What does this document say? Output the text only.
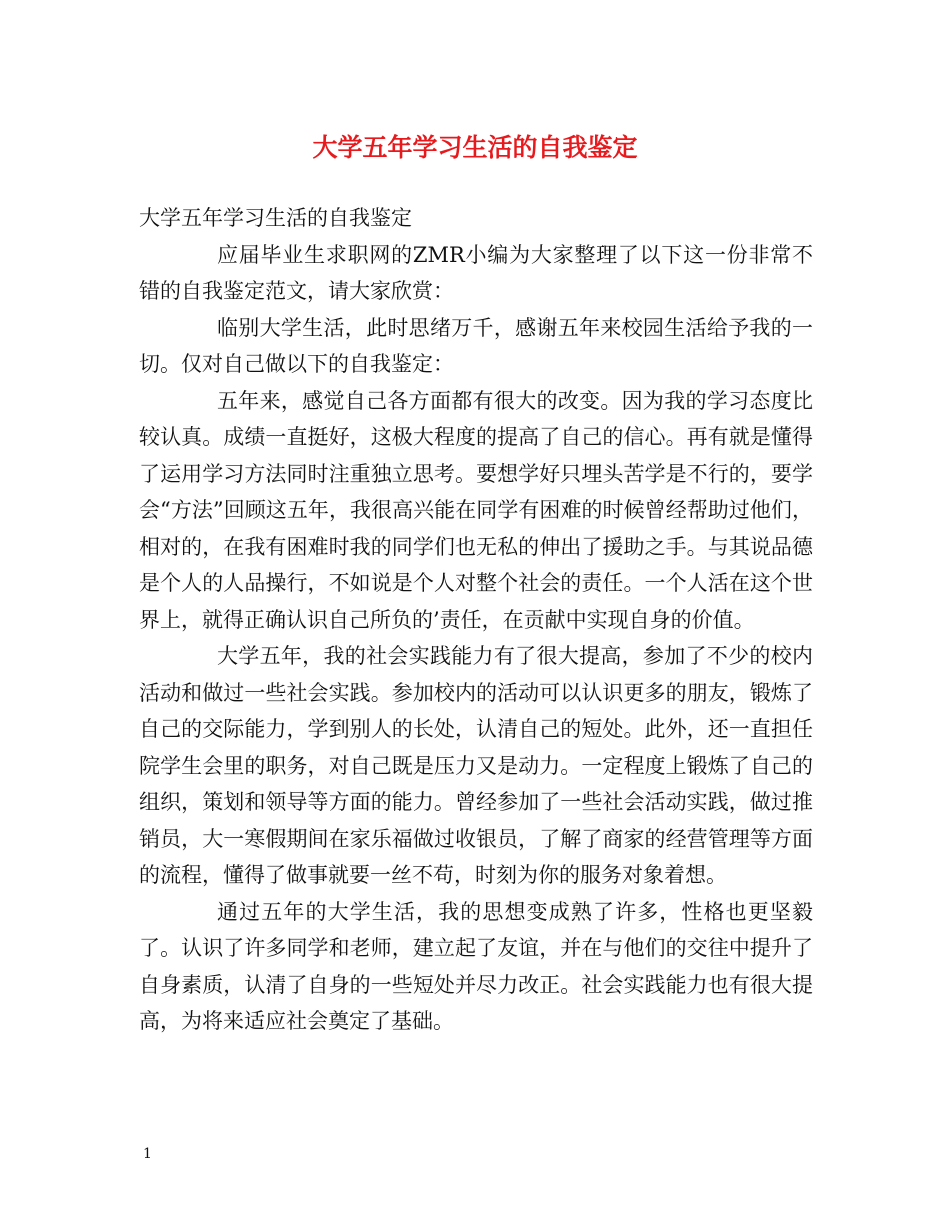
大学五年学习生活的自我鉴定

大学五年学习生活的自我鉴定

应届毕业生求职网的ZMR小编为大家整理了以下这一份非常不错的自我鉴定范文，请大家欣赏：

临别大学生活，此时思绪万千，感谢五年来校园生活给予我的一切。仅对自己做以下的自我鉴定：

五年来，感觉自己各方面都有很大的改变。因为我的学习态度比较认真。成绩一直挺好，这极大程度的提高了自己的信心。再有就是懂得了运用学习方法同时注重独立思考。要想学好只埋头苦学是不行的，要学会“方法”回顾这五年，我很高兴能在同学有困难的时候曾经帮助过他们，相对的，在我有困难时我的同学们也无私的伸出了援助之手。与其说品德是个人的人品操行，不如说是个人对整个社会的责任。一个人活在这个世界上，就得正确认识自己所负的’责任，在贡献中实现自身的价值。

大学五年，我的社会实践能力有了很大提高，参加了不少的校内活动和做过一些社会实践。参加校内的活动可以认识更多的朋友，锻炼了自己的交际能力，学到别人的长处，认清自己的短处。此外，还一直担任院学生会里的职务，对自己既是压力又是动力。一定程度上锻炼了自己的组织，策划和领导等方面的能力。曾经参加了一些社会活动实践，做过推销员，大一寒假期间在家乐福做过收银员，了解了商家的经营管理等方面的流程，懂得了做事就要一丝不苟，时刻为你的服务对象着想。

通过五年的大学生活，我的思想变成熟了许多，性格也更坚毅了。认识了许多同学和老师，建立起了友谊，并在与他们的交往中提升了自身素质，认清了自身的一些短处并尽力改正。社会实践能力也有很大提高，为将来适应社会奠定了基础。

1
